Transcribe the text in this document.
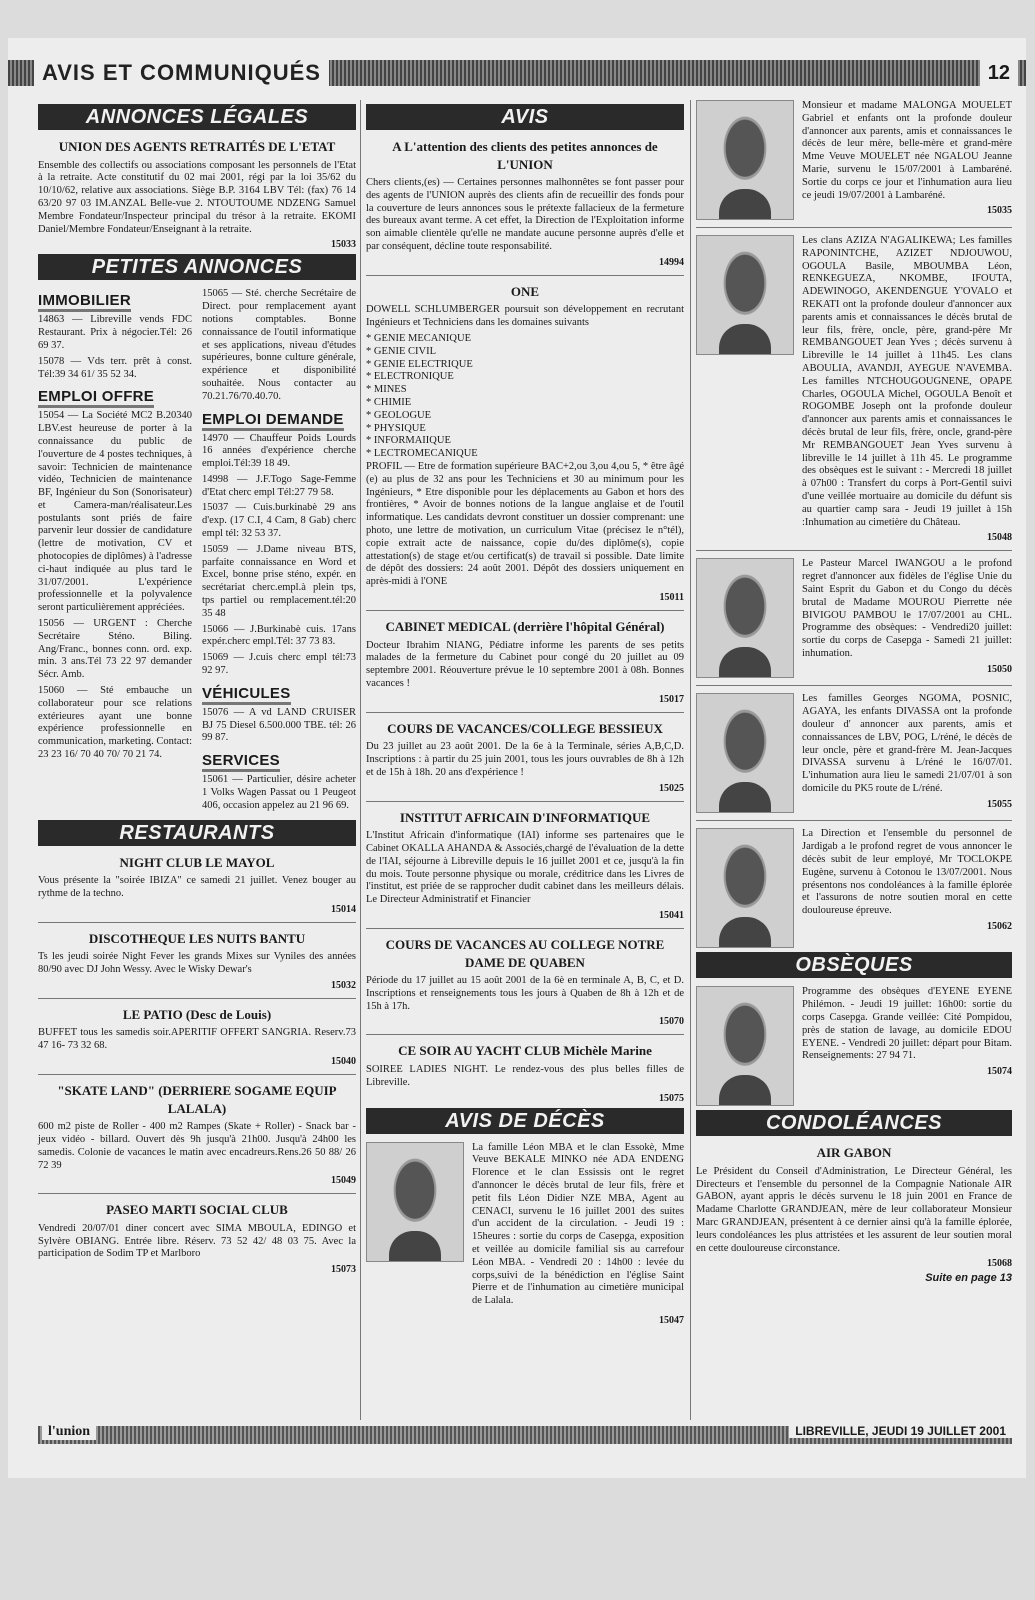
AVIS ET COMMUNIQUÉS	12
ANNONCES LÉGALES
UNION DES AGENTS RETRAITÉS DE L'ETAT

Ensemble des collectifs ou associations composant les personnels de l'Etat à la retraite. Acte constitutif du 02 mai 2001, régi par la loi 35/62 du 10/10/62, relative aux associations. Siège B.P. 3164 LBV Tél: (fax) 76 14 63/20 97 03 IM.ANZAL Belle-vue 2. NTOUTOUME NDZENG Samuel Membre Fondateur/Inspecteur principal du trésor à la retraite. EKOMI Daniel/Membre Fondateur/Enseignant à la retraite.

15033
PETITES ANNONCES
IMMOBILIER

14863 — Libreville vends FDC Restaurant. Prix à négocier.Tél: 26 69 37.

15078 — Vds terr. prêt à const. Tél:39 34 61/ 35 52 34.

EMPLOI OFFRE

15054 — La Société MC2 B.20340 LBV.est heureuse de porter à la connaissance du public de l'ouverture de 4 postes techniques, à savoir: Technicien de maintenance vidéo, Technicien de maintenance BF, Ingénieur du Son (Sonorisateur) et Camera-man/réalisateur.Les postulants sont priés de faire parvenir leur dossier de candidature (lettre de motivation, CV et photocopies de diplômes) à l'adresse ci-haut indiquée au plus tard le 31/07/2001. L'expérience professionnelle et la polyvalence seront particulièrement appréciées.

15056 — URGENT : Cherche Secrétaire Sténo. Biling. Ang/Franc., bonnes conn. ord. exp. min. 3 ans.Tél 73 22 97 demander Sécr. Amb.

15060 — Sté embauche un collaborateur pour sce relations extérieures ayant une bonne expérience professionnelle en communication, marketing. Contact: 23 23 16/ 70 40 70/ 70 21 74.

15065 — Sté. cherche Secrétaire de Direct. pour remplacement ayant notions comptables. Bonne connaissance de l'outil informatique et ses applications, niveau d'études supérieures, bonne culture générale, expérience et disponibilité souhaitée. Nous contacter au 70.21.76/70.40.70.

EMPLOI DEMANDE

14970 — Chauffeur Poids Lourds 16 années d'expérience cherche emploi.Tél:39 18 49.

14998 — J.F.Togo Sage-Femme d'Etat cherc empl Tél:27 79 58.

15037 — Cuis.burkinabè 29 ans d'exp. (17 C.I, 4 Cam, 8 Gab) cherc empl tél: 32 53 37.

15059 — J.Dame niveau BTS, parfaite connaissance en Word et Excel, bonne prise sténo, expér. en secrétariat cherc.empl.à plein tps, tps partiel ou remplacement.tél:20 35 48

15066 — J.Burkinabè cuis. 17ans expér.cherc empl.Tél: 37 73 83.

15069 — J.cuis cherc empl tél:73 92 97.

VÉHICULES

15076 — A vd LAND CRUISER BJ 75 Diesel 6.500.000 TBE. tél: 26 99 87.

SERVICES

15061 — Particulier, désire acheter 1 Volks Wagen Passat ou 1 Peugeot 406, occasion appelez au 21 96 69.

RESTAURANTS
NIGHT CLUB LE MAYOL

Vous présente la "soirée IBIZA" ce samedi 21 juillet. Venez bouger au rythme de la techno.

15014
DISCOTHEQUE LES NUITS BANTU

Ts les jeudi soirée Night Fever les grands Mixes sur Vyniles des années 80/90 avec DJ John Wessy. Avec le Wisky Dewar's

15032
LE PATIO (Desc de Louis)

BUFFET tous les samedis soir.APERITIF OFFERT SANGRIA. Reserv.73 47 16- 73 32 68.

15040
"SKATE LAND" (DERRIERE SOGAME EQUIP LALALA)

600 m2 piste de Roller - 400 m2 Rampes (Skate + Roller) - Snack bar - jeux vidéo - billard. Ouvert dès 9h jusqu'à 21h00. Jusqu'à 24h00 les samedis. Colonie de vacances le matin avec encadreurs.Rens.26 50 88/ 26 72 39

15049
PASEO MARTI SOCIAL CLUB

Vendredi 20/07/01 diner concert avec SIMA MBOULA, EDINGO et Sylvère OBIANG. Entrée libre. Réserv. 73 52 42/ 48 03 75. Avec la participation de Sodim TP et Marlboro

15073
AVIS
A L'attention des clients des petites annonces de L'UNION

Chers clients,(es) — Certaines personnes malhonnêtes se font passer pour des agents de l'UNION auprès des clients afin de recueillir des fonds pour la couverture de leurs annonces sous le prétexte fallacieux de la fermeture des bureaux avant terme. A cet effet, la Direction de l'Exploitation informe son aimable clientèle qu'elle ne mandate aucune personne auprès d'elle et par conséquent, décline toute responsabilité.

14994
ONE

DOWELL SCHLUMBERGER poursuit son développement en recrutant Ingénieurs et Techniciens dans les domaines suivants

* GENIE MECANIQUE

* GENIE CIVIL

* GENIE ELECTRIQUE

* ELECTRONIQUE

* MINES

* CHIMIE

* GEOLOGUE

* PHYSIQUE

* INFORMAIIQUE

* LECTROMECANIQUE

PROFIL — Etre de formation supérieure BAC+2,ou 3,ou 4,ou 5, * être âgé (e) au plus de 32 ans pour les Techniciens et 30 au minimum pour les Ingénieurs, * Etre disponible pour les déplacements au Gabon et hors des frontières, * Avoir de bonnes notions de la langue anglaise et de l'outil informatique. Les candidats devront constituer un dossier comprenant: une photo, une lettre de motivation, un curriculum Vitae (précisez le n°tél), copie extrait acte de naissance, copie du/des diplôme(s), copie attestation(s) de stage et/ou certificat(s) de travail si possible. Date limite de dépôt des dossiers: 24 août 2001. Dépôt des dossiers uniquement en après-midi à l'ONE

15011
CABINET MEDICAL (derrière l'hôpital Général)

Docteur Ibrahim NIANG, Pédiatre informe les parents de ses petits malades de la fermeture du Cabinet pour congé du 20 juillet au 09 septembre 2001. Réouverture prévue le 10 septembre 2001 à 08h. Bonnes vacances !

15017
COURS DE VACANCES/COLLEGE BESSIEUX

Du 23 juillet au 23 août 2001. De la 6e à la Terminale, séries A,B,C,D. Inscriptions : à partir du 25 juin 2001, tous les jours ouvrables de 8h à 12h et de 15h à 18h. 20 ans d'expérience !

15025
INSTITUT AFRICAIN D'INFORMATIQUE

L'Institut Africain d'informatique (IAI) informe ses partenaires que le Cabinet OKALLA AHANDA & Associés,chargé de l'évaluation de la dette de l'IAI, séjourne à Libreville depuis le 16 juillet 2001 et ce, jusqu'à la fin du mois. Toute personne physique ou morale, créditrice dans les Livres de l'institut, est priée de se rapprocher dudit cabinet dans les meilleurs délais. Le Directeur Administratif et Financier

15041
COURS DE VACANCES AU COLLEGE NOTRE DAME DE QUABEN

Période du 17 juillet au 15 août 2001 de la 6è en terminale A, B, C, et D. Inscriptions et renseignements tous les jours à Quaben de 8h à 12h et de 15h à 17h.

15070
CE SOIR AU YACHT CLUB Michèle Marine

SOIREE LADIES NIGHT. Le rendez-vous des plus belles filles de Libreville.

15075
AVIS DE DÉCÈS

La famille Léon MBA et le clan Essokè, Mme Veuve BEKALE MINKO née ADA ENDENG Florence et le clan Essissis ont le regret d'annoncer le décès brutal de leur fils, frère et petit fils Léon Didier NZE MBA, Agent au CENACI, survenu le 16 juillet 2001 des suites d'un accident de la circulation. - Jeudi 19 : 15heures : sortie du corps de Casepga, exposition et veillée au domicile familial sis au carrefour Léon MBA. - Vendredi 20 : 14h00 : levée du corps,suivi de la bénédiction en l'église Saint Pierre et de l'inhumation au cimetière municipal de Lalala.

15047

Monsieur et madame MALONGA MOUELET Gabriel et enfants ont la profonde douleur d'annoncer aux parents, amis et connaissances le décès de leur mère, belle-mère et grand-mère Mme Veuve MOUELET née NGALOU Jeanne Marie, survenu le 15/07/2001 à Lambaréné. Sortie du corps ce jour et l'inhumation aura lieu ce jeudi 19/07/2001 à Lambaréné.

15035

Les clans AZIZA N'AGALIKEWA; Les familles RAPONINTCHE, AZIZET NDJOUWOU, OGOULA Basile, MBOUMBA Léon, RENKEGUEZA, NKOMBE, IFOUTA, ADEWINOGO, AKENDENGUE Y'OVALO et REKATI ont la profonde douleur d'annoncer aux parents amis et connaissances le décès brutal de leur fils, frère, oncle, père, grand-père Mr REMBANGOUET Jean Yves ; décès survenu à Libreville le 14 juillet à 11h45. Les clans ABOULIA, AVANDJI, AYEGUE N'AVEMBA. Les familles NTCHOUGOUGNENE, OPAPE Charles, OGOULA Michel, OGOULA Benoît et ROGOMBE Joseph ont la profonde douleur d'annoncer aux parents amis et connaissances le décès brutal de leur fils, frère, oncle, grand-père Mr REMBANGOUET Jean Yves survenu à libreville le 14 juillet à 11h 45. Le programme des obsèques est le suivant : - Mercredi 18 juillet à 07h00 : Transfert du corps à Port-Gentil suivi d'une veillée mortuaire au domicile du défunt sis au quartier camp sara - Jeudi 19 juillet à 15h :Inhumation au cimetière du Château.

15048

Le Pasteur Marcel IWANGOU a le profond regret d'annoncer aux fidèles de l'église Unie du Saint Esprit du Gabon et du Congo du décès brutal de Madame MOUROU Pierrette née BIVIGOU PAMBOU le 17/07/2001 au CHL. Programme des obsèques: - Vendredi20 juillet: sortie du corps de Casepga - Samedi 21 juillet: inhumation.

15050

Les familles Georges NGOMA, POSNIC, AGAYA, les enfants DIVASSA ont la profonde douleur d' annoncer aux parents, amis et connaissances de LBV, POG, L/réné, le décès de leur oncle, père et grand-frère M. Jean-Jacques DIVASSA survenu à L/réné le 16/07/01. L'inhumation aura lieu le samedi 21/07/01 à son domicile du PK5 route de L/réné.

15055

La Direction et l'ensemble du personnel de Jardigab a le profond regret de vous annoncer le décès subit de leur employé, Mr TOCLOKPE Eugène, survenu à Cotonou le 13/07/2001. Nous présentons nos condoléances à la famille éplorée et l'assurons de notre soutien moral en cette douloureuse épreuve.

15062
OBSÈQUES

Programme des obsèques d'EYENE EYENE Philémon. - Jeudi 19 juillet: 16h00: sortie du corps Casepga. Grande veillée: Cité Pompidou, près de station de lavage, au domicile EDOU EYENE. - Vendredi 20 juillet: départ pour Bitam. Renseignements: 27 94 71.

15074
CONDOLÉANCES
AIR GABON

Le Président du Conseil d'Administration, Le Directeur Général, les Directeurs et l'ensemble du personnel de la Compagnie Nationale AIR GABON, ayant appris le décès survenu le 18 juin 2001 en France de Madame Charlotte GRANDJEAN, mère de leur collaborateur Monsieur Marc GRANDJEAN, présentent à ce dernier ainsi qu'à la famille éplorée, leurs condoléances les plus attristées et les assurent de leur soutien moral en cette douloureuse circonstance.

15068
Suite en page 13
l'union	LIBREVILLE, JEUDI 19 JUILLET 2001
